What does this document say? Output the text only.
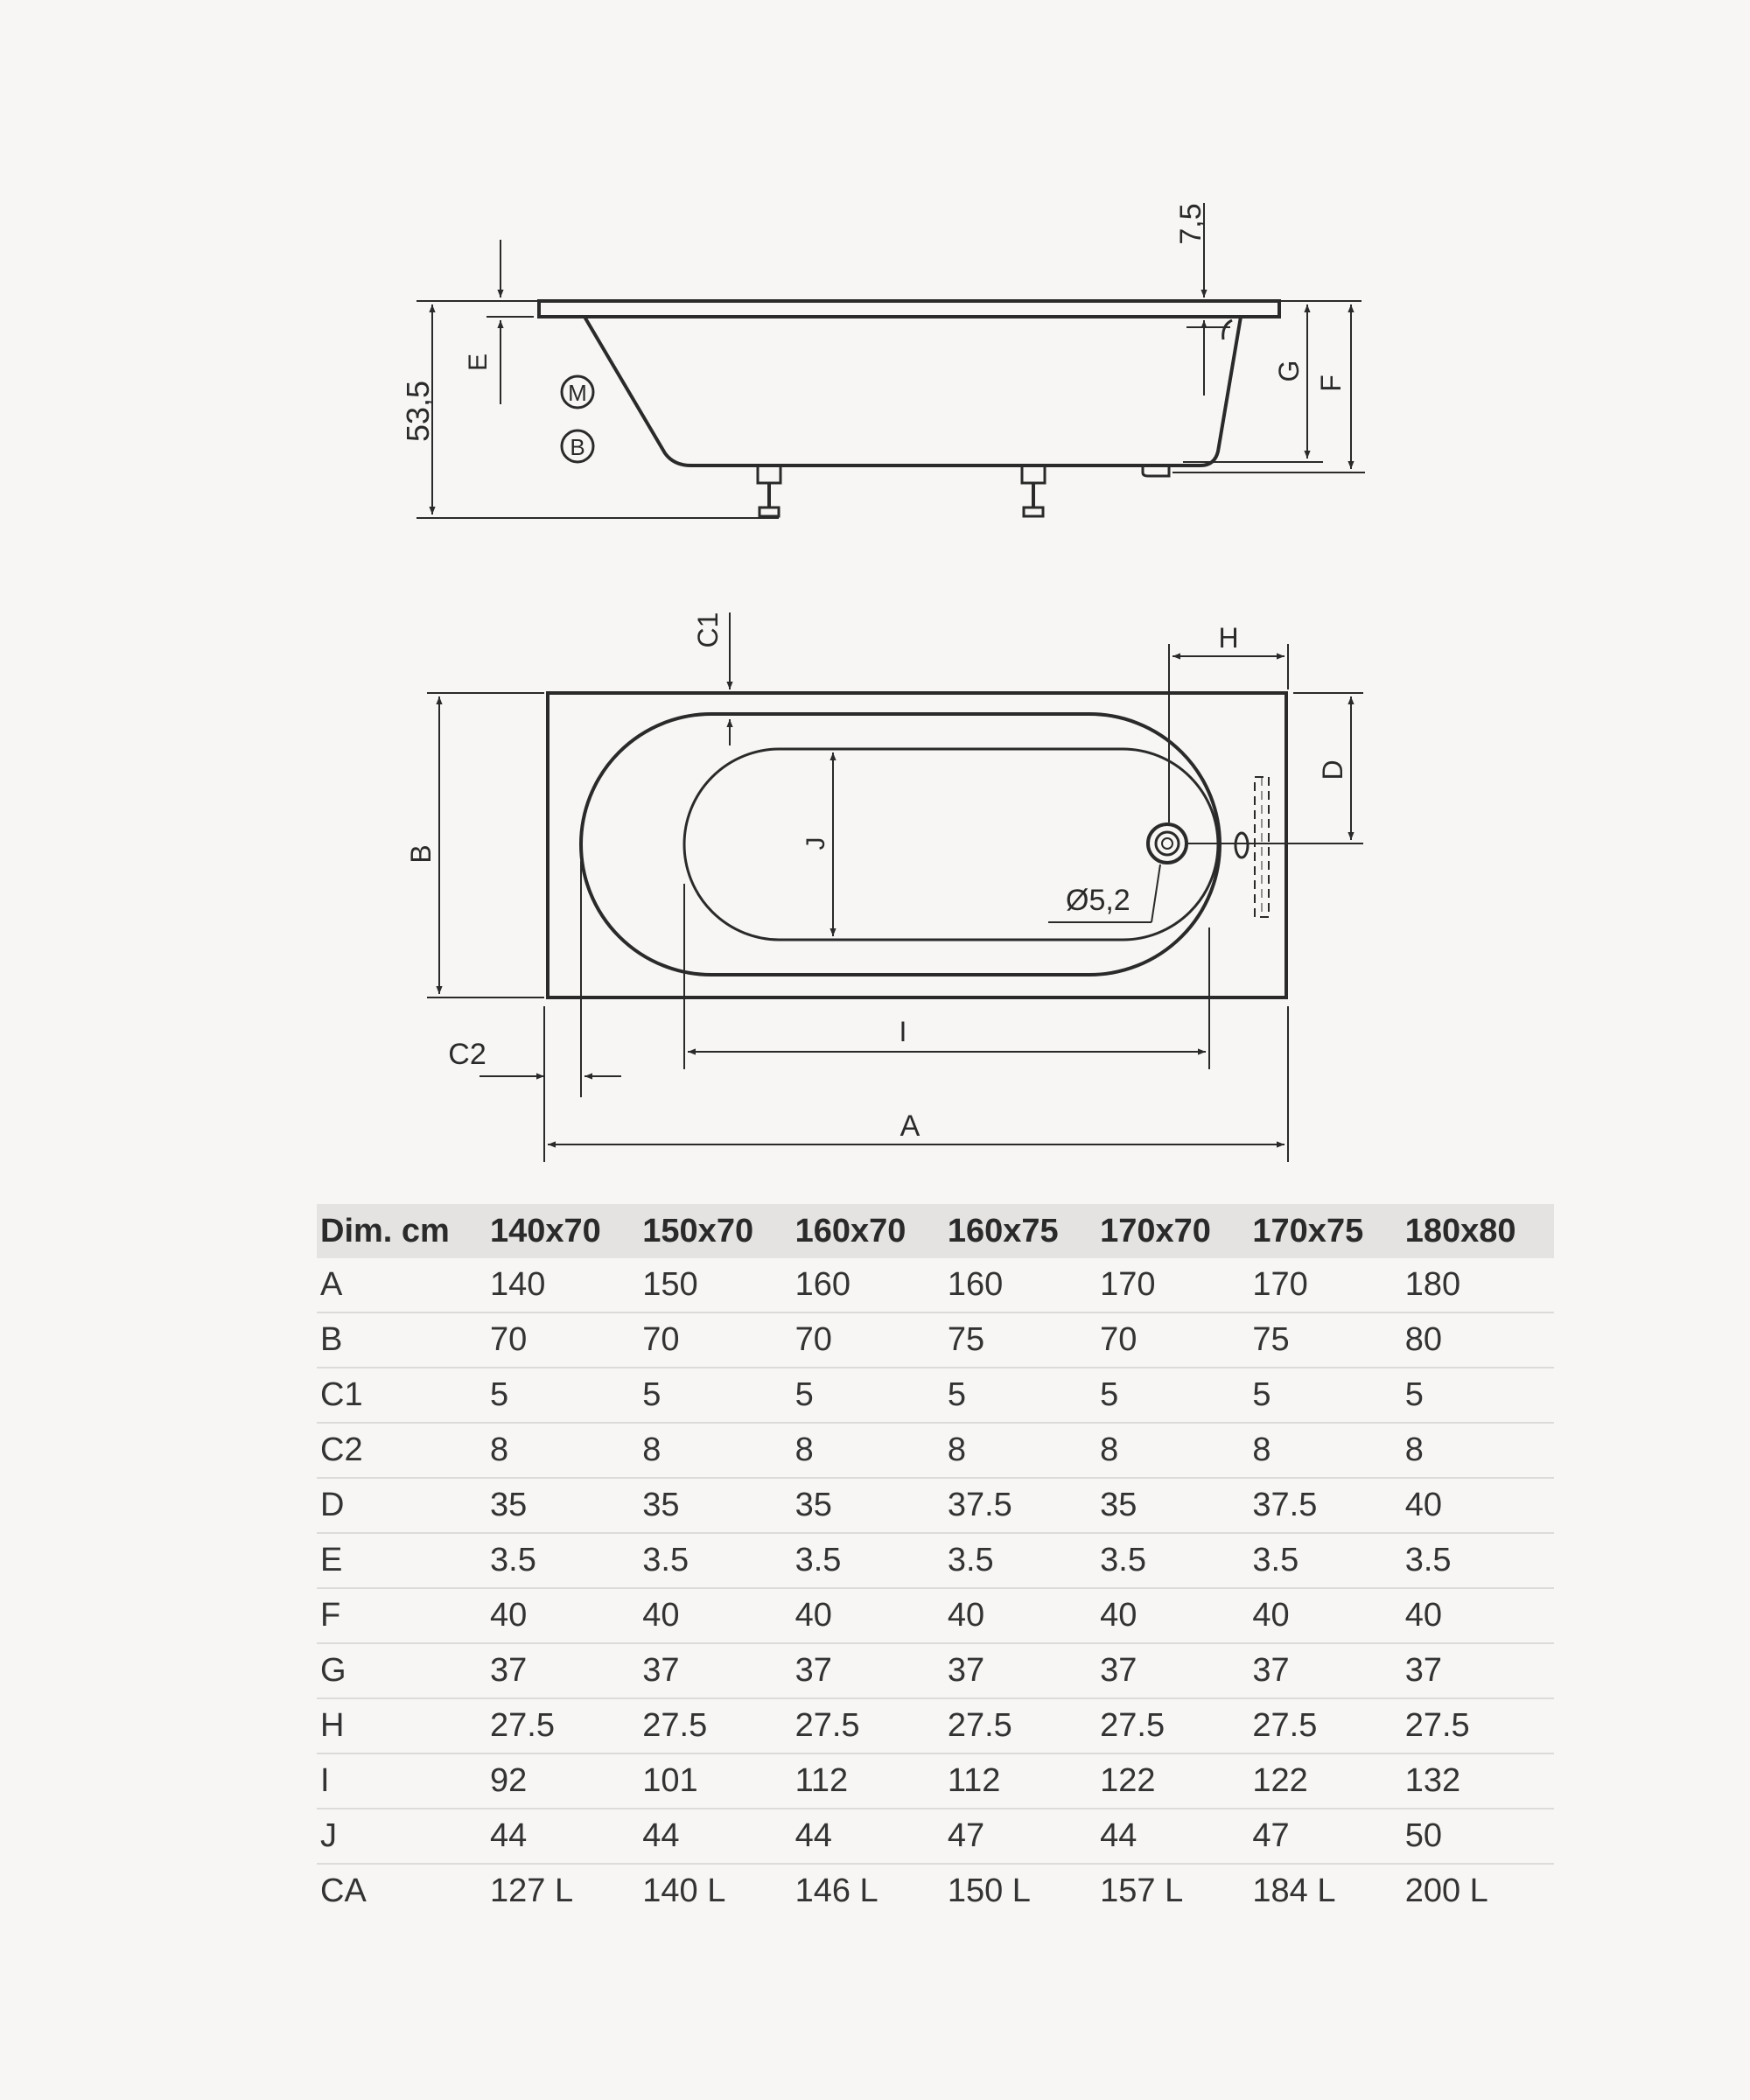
53,5
E
M
B
7,5
G
F
Ø5,2
C1	H
B
D
J
I
C2
A
Dim. cm	140x70	150x70	160x70	160x75	170x70	170x75	180x80
A	140	150	160	160	170	170	180
B	70	70	70	75	70	75	80
C1	5	5	5	5	5	5	5
C2	8	8	8	8	8	8	8
D	35	35	35	37.5	35	37.5	40
E	3.5	3.5	3.5	3.5	3.5	3.5	3.5
F	40	40	40	40	40	40	40
G	37	37	37	37	37	37	37
H	27.5	27.5	27.5	27.5	27.5	27.5	27.5
I	92	101	112	112	122	122	132
J	44	44	44	47	44	47	50
CA	127 L	140 L	146 L	150 L	157 L	184 L	200 L
